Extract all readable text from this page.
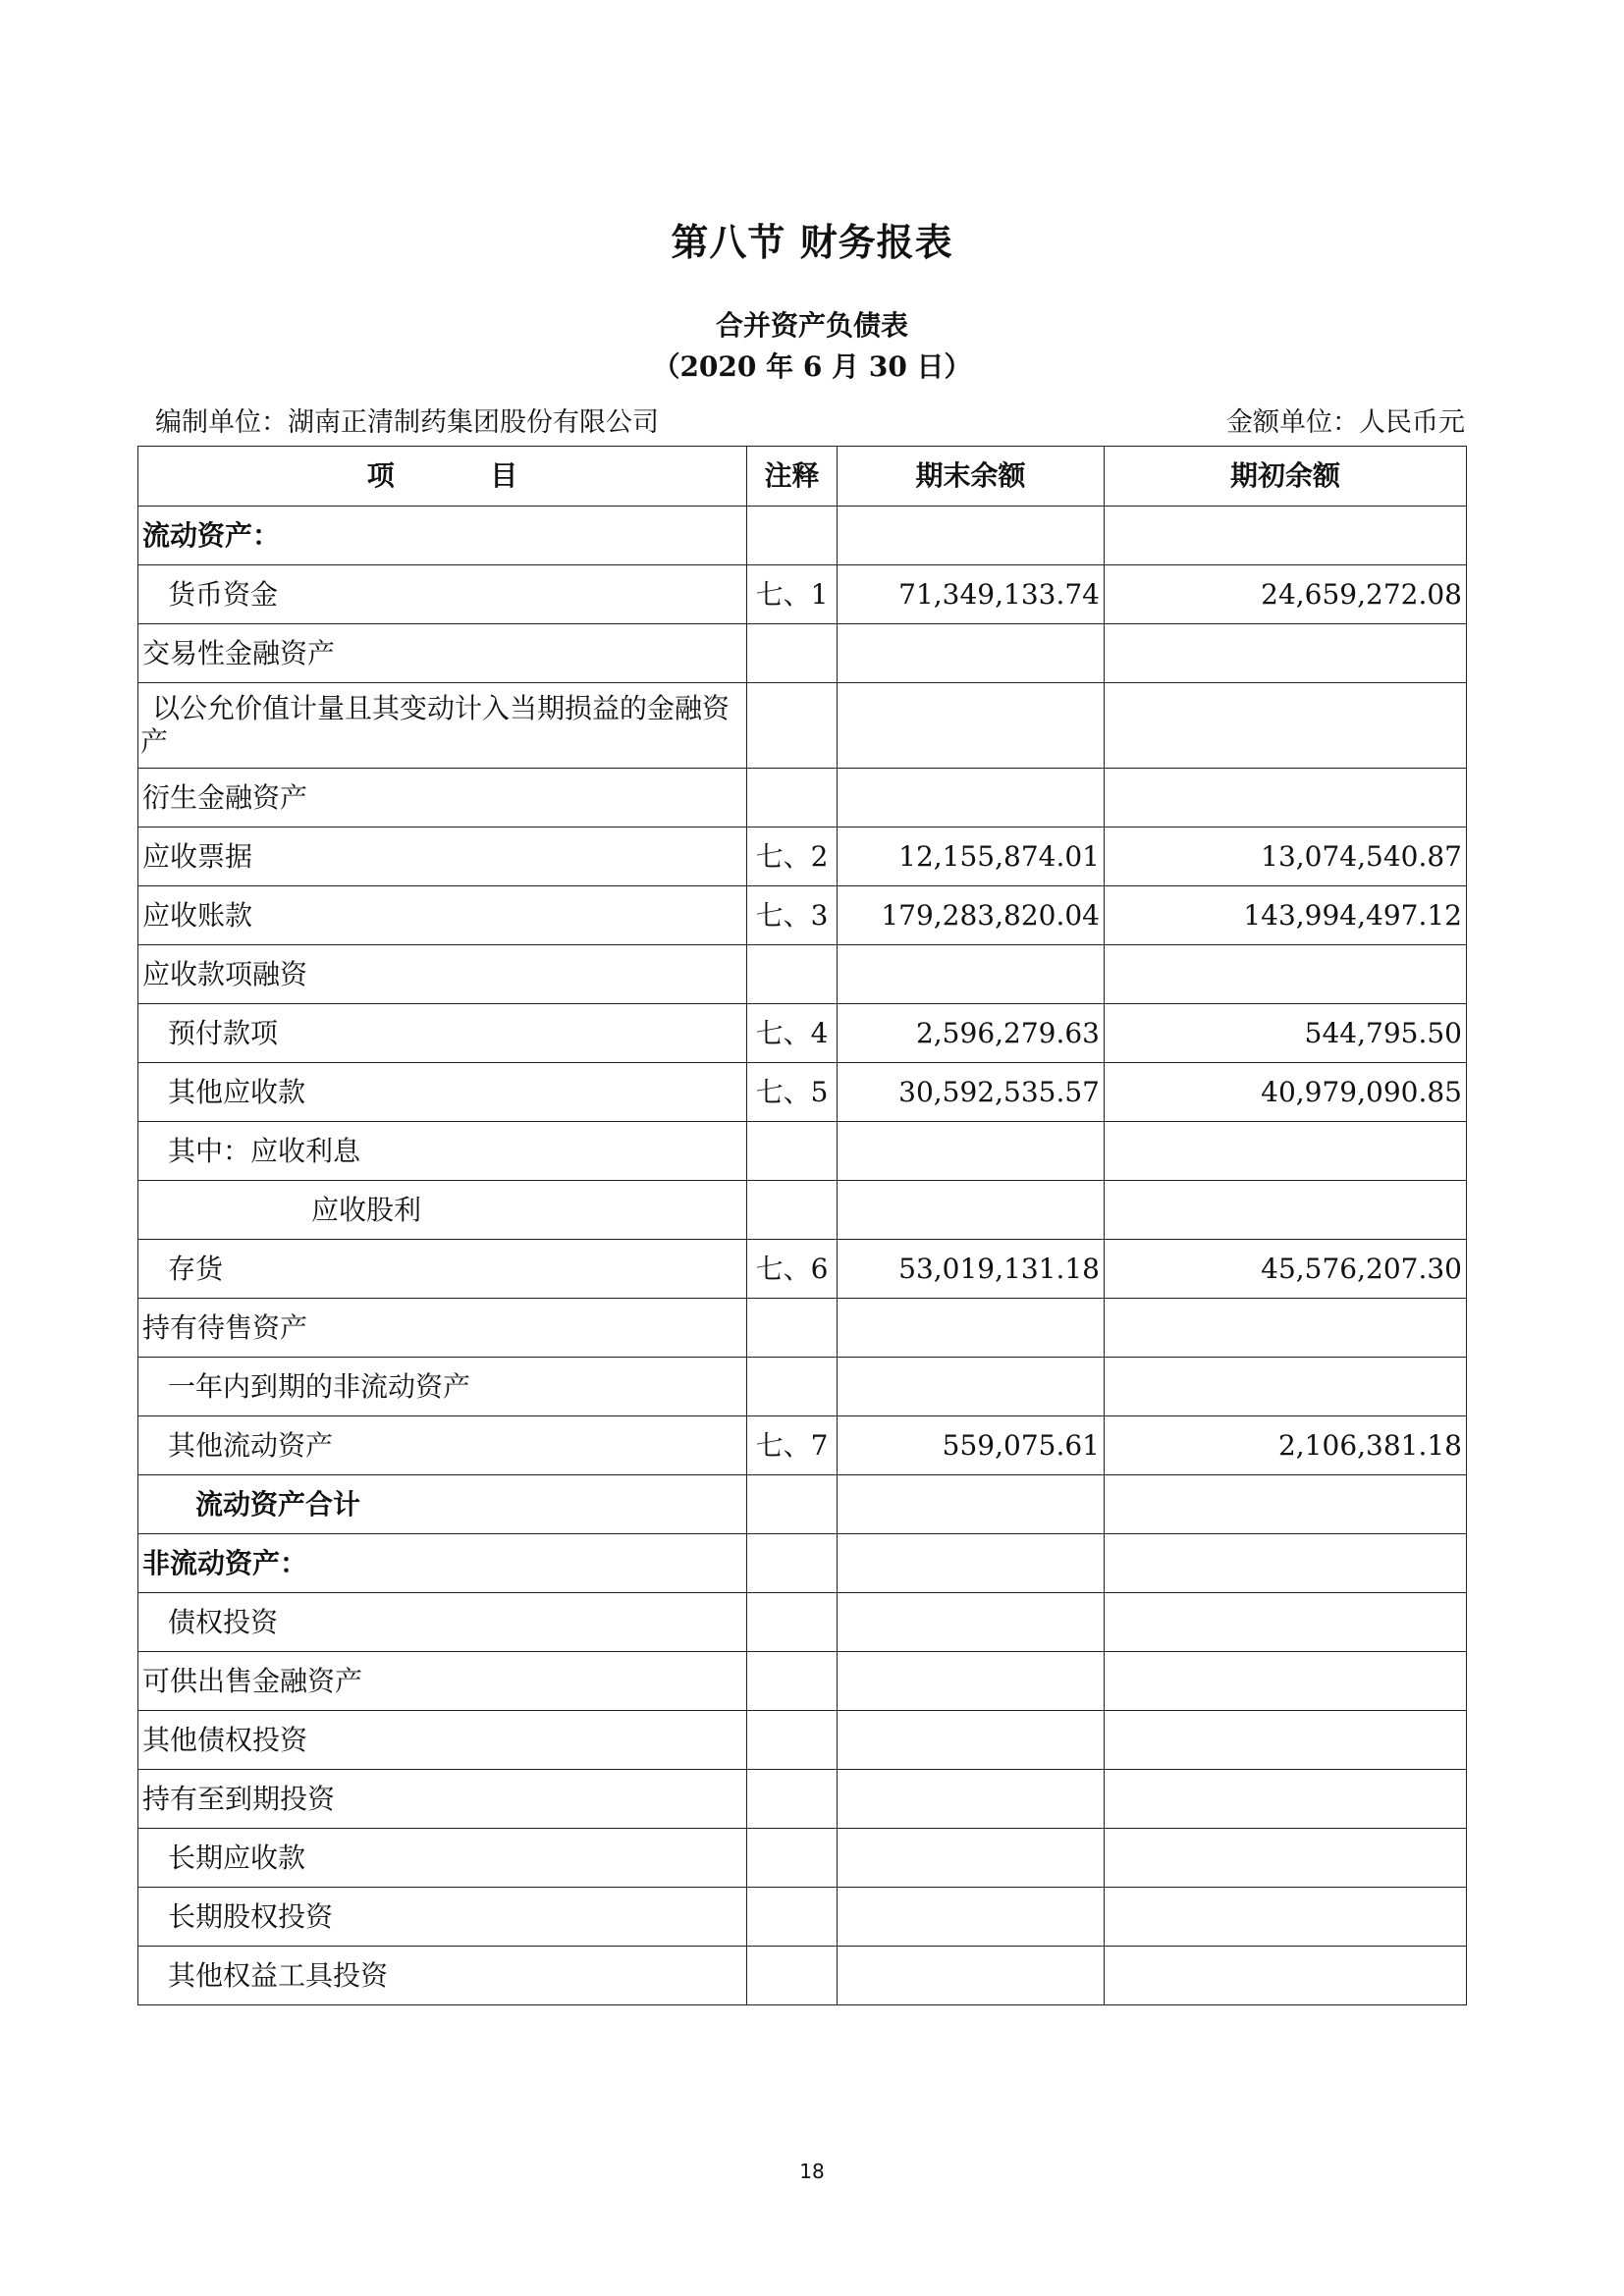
第八节 财务报表
合并资产负债表
（2020 年 6 月 30 日）
编制单位：湖南正清制药集团股份有限公司	金额单位：人民币元
项          目	注释	期末余额	期初余额
流动资产：			
货币资金	七、1	71,349,133.74	24,659,272.08
交易性金融资产			
以公允价值计量且其变动计入当期损益的金融资产			
衍生金融资产			
应收票据	七、2	12,155,874.01	13,074,540.87
应收账款	七、3	179,283,820.04	143,994,497.12
应收款项融资			
预付款项	七、4	2,596,279.63	544,795.50
其他应收款	七、5	30,592,535.57	40,979,090.85
其中：应收利息			
应收股利			
存货	七、6	53,019,131.18	45,576,207.30
持有待售资产			
一年内到期的非流动资产			
其他流动资产	七、7	559,075.61	2,106,381.18
流动资产合计			
非流动资产：			
债权投资			
可供出售金融资产			
其他债权投资			
持有至到期投资			
长期应收款			
长期股权投资			
其他权益工具投资			
18
